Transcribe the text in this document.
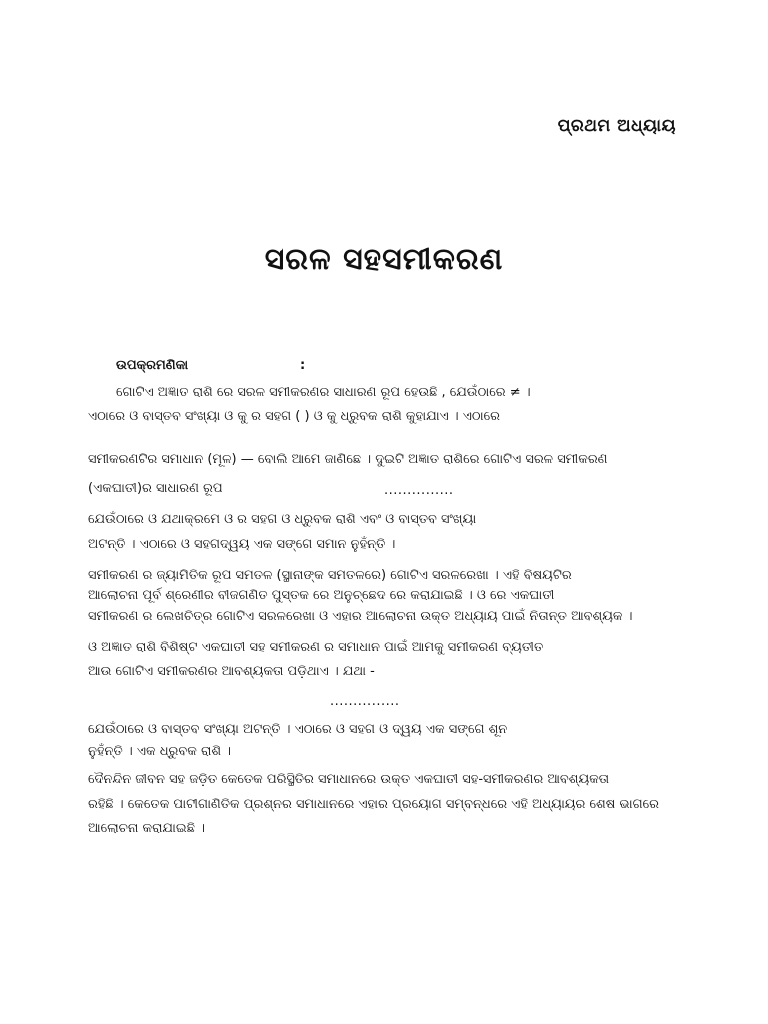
ପ୍ରଥମ ଅଧ୍ୟାୟ
ସରଳ ସହସମୀକରଣ
ଉପକ୍ରମଣିକା	:
ଗୋଟିଏ ଅଜ୍ଞାତ ରାଶି ରେ ସରଳ ସମୀକରଣର ସାଧାରଣ ରୂପ ହେଉଛି , ଯେଉଁଠାରେ ≠ ।
ଏଠାରେ ଓ ବାସ୍ତବ ସଂଖ୍ୟା ଓ କୁ ର ସହଗ ( ) ଓ କୁ ଧ୍ରୁବକ ରାଶି କୁହାଯାଏ । ଏଠାରେ
ସମୀକରଣଟିର ସମାଧାନ (ମୂଳ) — ବୋଲି ଆମେ ଜାଣିଛେ । ଦୁଇଟି ଅଜ୍ଞାତ ରାଶିରେ ଗୋଟିଏ ସରଳ ସମୀକରଣ
(ଏକଘାତୀ)ର ସାଧାରଣ ରୂପ	...............
ଯେଉଁଠାରେ ଓ ଯଥାକ୍ରମେ ଓ ର ସହଗ ଓ ଧ୍ରୁବକ ରାଶି ଏବଂ ଓ ବାସ୍ତବ ସଂଖ୍ୟା
ଅଟନ୍ତି । ଏଠାରେ ଓ ସହଗଦ୍ୱୟ ଏକ ସଙ୍ଗେ ସମାନ ନୁହଁନ୍ତି ।
ସମୀକରଣ ର ଜ୍ୟାମିତିକ ରୂପ ସମତଳ (ସ୍ଥାନାଙ୍କ ସମତଳରେ) ଗୋଟିଏ ସରଳରେଖା । ଏହି ବିଷୟଟିର
ଆଲୋଚନା ପୂର୍ବ ଶ୍ରେଣୀର ବୀଜଗଣିତ ପୁସ୍ତକ ରେ ଅନୁଚ୍ଛେଦ ରେ କରାଯାଇଛି । ଓ ରେ ଏକଘାତୀ
ସମୀକରଣ ର ଲେଖଚିତ୍ର ଗୋଟିଏ ସରଳରେଖା ଓ ଏହାର ଆଲୋଚନା ଉକ୍ତ ଅଧ୍ୟାୟ ପାଇଁ ନିତାନ୍ତ ଆବଶ୍ୟକ ।
ଓ ଅଜ୍ଞାତ ରାଶି ବିଶିଷ୍ଟ ଏକଘାତୀ ସହ ସମୀକରଣ ର ସମାଧାନ ପାଇଁ ଆମକୁ ସମୀକରଣ ବ୍ୟତୀତ
ଆଉ ଗୋଟିଏ ସମୀକରଣର ଆବଶ୍ୟକତା ପଡ଼ିଥାଏ । ଯଥା -
...............
ଯେଉଁଠାରେ ଓ ବାସ୍ତବ ସଂଖ୍ୟା ଅଟନ୍ତି । ଏଠାରେ ଓ ସହଗ ଓ ଦ୍ୱୟ ଏକ ସଙ୍ଗେ ଶୂନ
ନୁହଁନ୍ତି । ଏକ ଧ୍ରୁବକ ରାଶି ।
ଦୈନନ୍ଦିନ ଜୀବନ ସହ ଜଡ଼ିତ କେତେକ ପରିସ୍ଥିତିର ସମାଧାନରେ ଉକ୍ତ ଏକଘାତୀ ସହ-ସମୀକରଣର ଆବଶ୍ୟକତା
ରହିଛି । କେତେକ ପାଟୀଗାଣିତିକ ପ୍ରଶ୍ନର ସମାଧାନରେ ଏହାର ପ୍ରୟୋଗ ସମ୍ବନ୍ଧରେ ଏହି ଅଧ୍ୟାୟର ଶେଷ ଭାଗରେ
ଆଲୋଚନା କରାଯାଇଛି ।
